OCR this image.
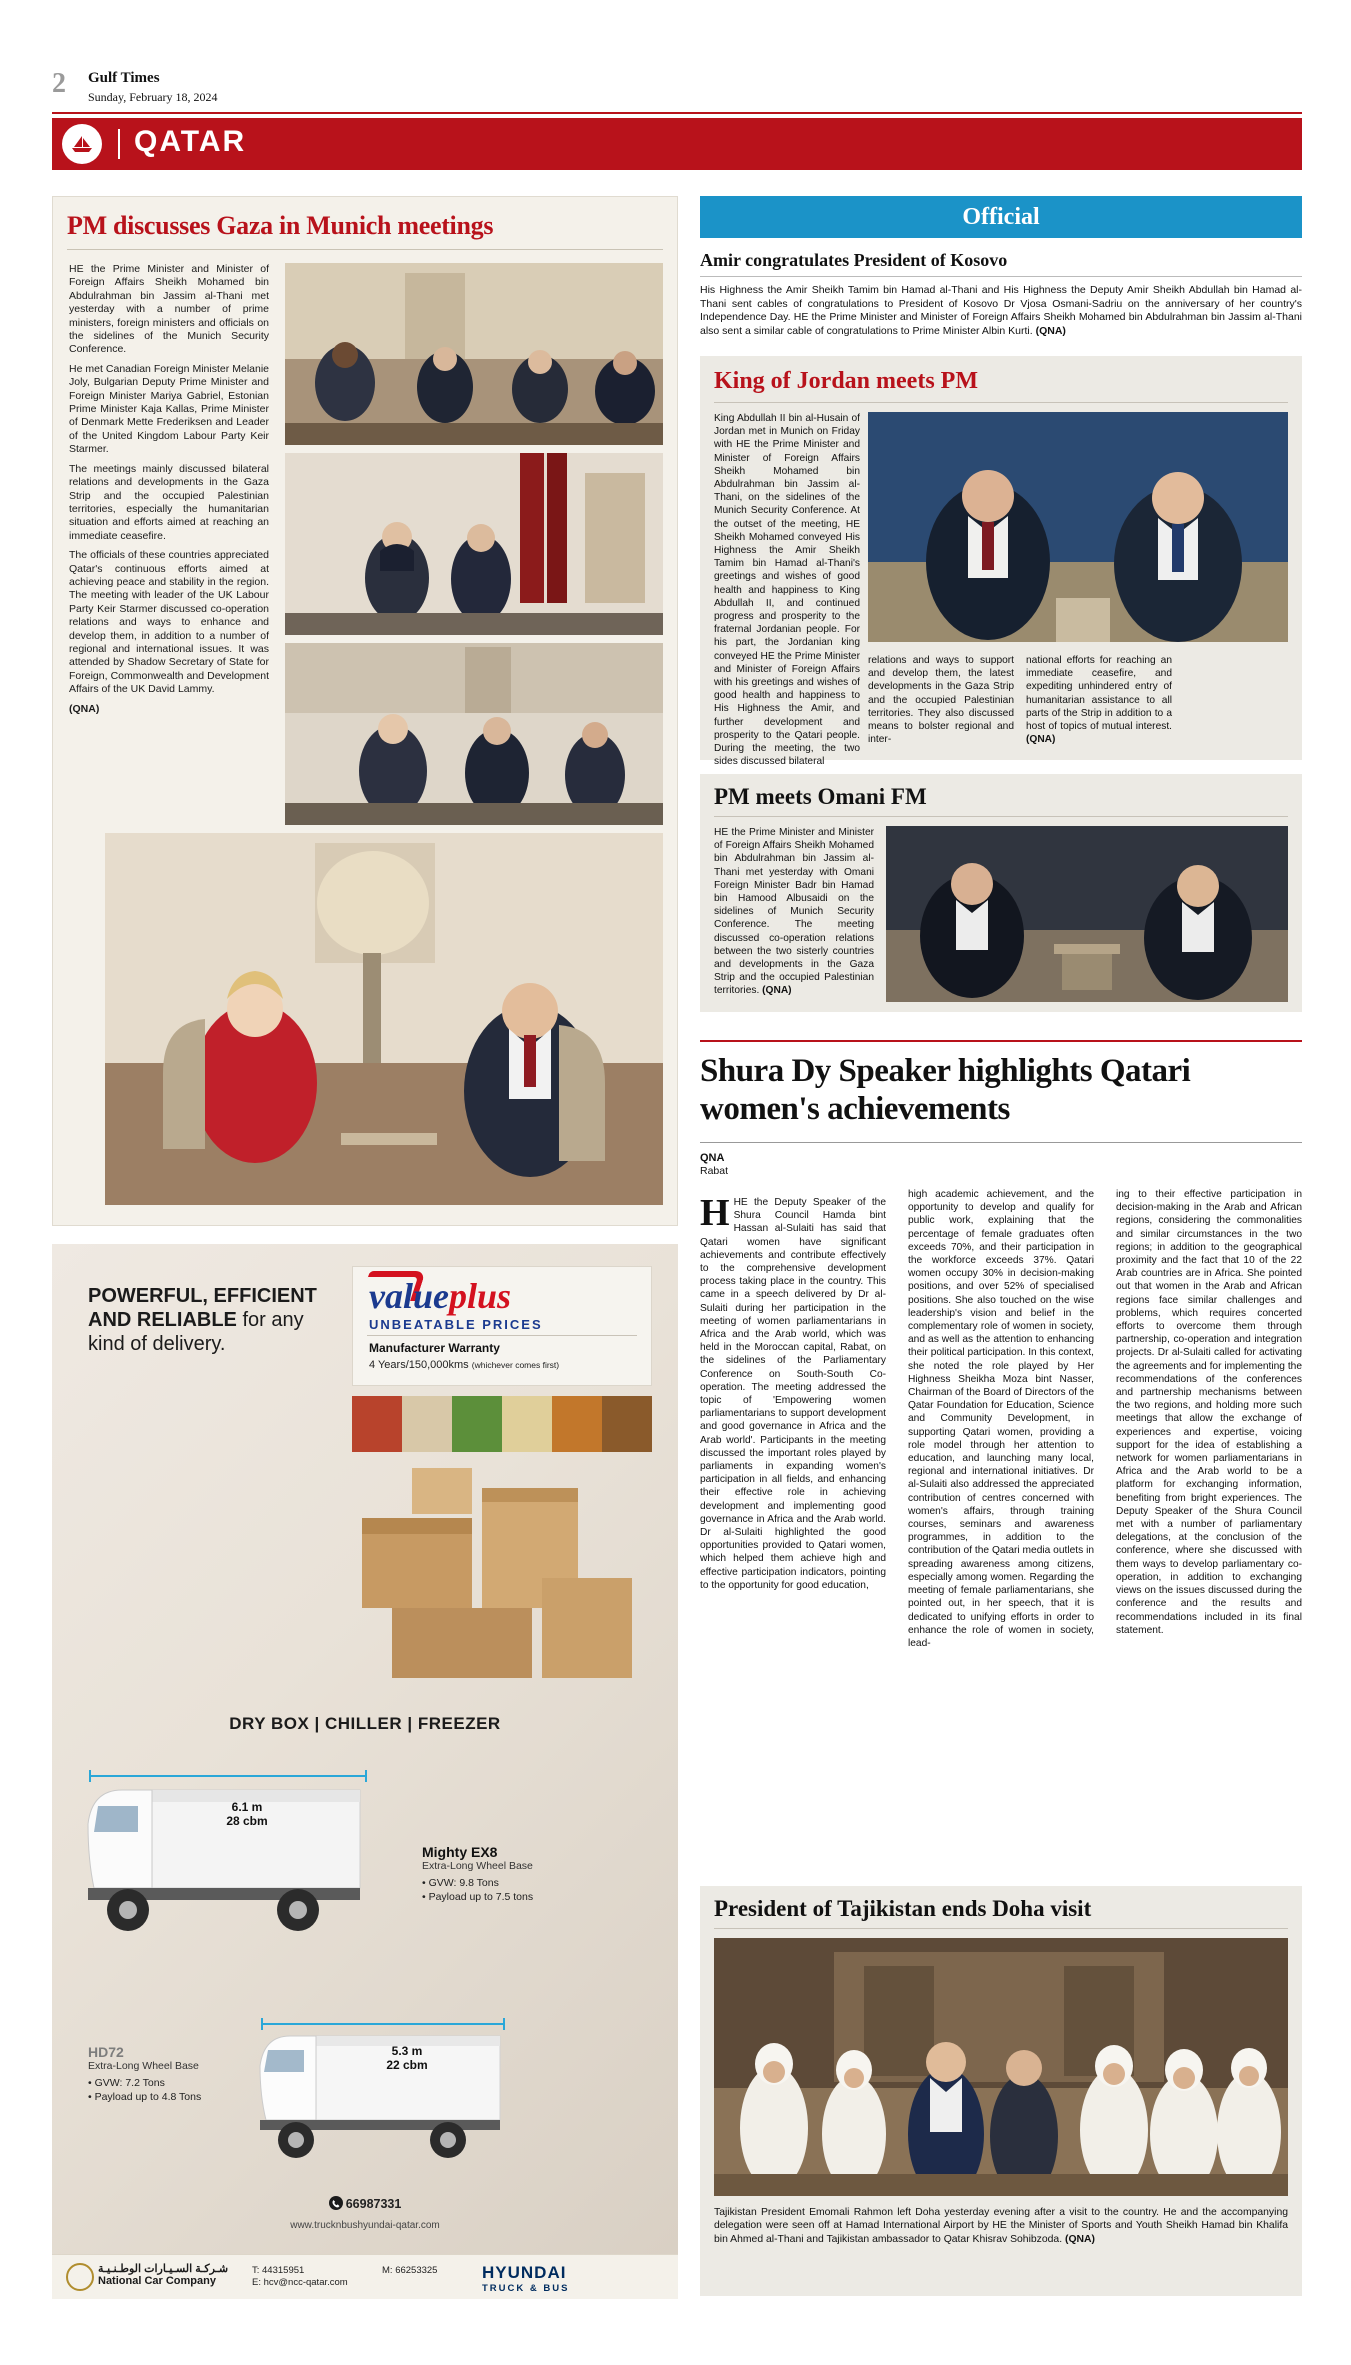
2 Gulf Times
Sunday, February 18, 2024
QATAR
PM discusses Gaza in Munich meetings

HE the Prime Minister and Minister of Foreign Affairs Sheikh Mohamed bin Abdulrahman bin Jassim al-Thani met yesterday with a number of prime ministers, foreign ministers and officials on the sidelines of the Munich Security Conference.

He met Canadian Foreign Minister Melanie Joly, Bulgarian Deputy Prime Minister and Foreign Minister Mariya Gabriel, Estonian Prime Minister Kaja Kallas, Prime Minister of Denmark Mette Frederiksen and Leader of the United Kingdom Labour Party Keir Starmer.

The meetings mainly discussed bilateral relations and developments in the Gaza Strip and the occupied Palestinian territories, especially the humanitarian situation and efforts aimed at reaching an immediate ceasefire.

The officials of these countries appreciated Qatar's continuous efforts aimed at achieving peace and stability in the region. The meeting with leader of the UK Labour Party Keir Starmer discussed co-operation relations and ways to enhance and develop them, in addition to a number of regional and international issues. It was attended by Shadow Secretary of State for Foreign, Commonwealth and Development Affairs of the UK David Lammy.

(QNA)

Official
Amir congratulates President of Kosovo
His Highness the Amir Sheikh Tamim bin Hamad al-Thani and His Highness the Deputy Amir Sheikh Abdullah bin Hamad al-Thani sent cables of congratulations to President of Kosovo Dr Vjosa Osmani-Sadriu on the anniversary of her country's Independence Day. HE the Prime Minister and Minister of Foreign Affairs Sheikh Mohamed bin Abdulrahman bin Jassim al-Thani also sent a similar cable of congratulations to Prime Minister Albin Kurti. (QNA)
King of Jordan meets PM
King Abdullah II bin al-Husain of Jordan met in Munich on Friday with HE the Prime Minister and Minister of Foreign Affairs Sheikh Mohamed bin Abdulrahman bin Jassim al-Thani, on the sidelines of the Munich Security Conference. At the outset of the meeting, HE Sheikh Mohamed conveyed His Highness the Amir Sheikh Tamim bin Hamad al-Thani's greetings and wishes of good health and happiness to King Abdullah II, and continued progress and prosperity to the fraternal Jordanian people. For his part, the Jordanian king conveyed HE the Prime Minister and Minister of Foreign Affairs with his greetings and wishes of good health and happiness to His Highness the Amir, and further development and prosperity to the Qatari people. During the meeting, the two sides discussed bilateral
relations and ways to support and develop them, the latest developments in the Gaza Strip and the occupied Palestinian territories. They also discussed means to bolster regional and inter-
national efforts for reaching an immediate ceasefire, and expediting unhindered entry of humanitarian assistance to all parts of the Strip in addition to a host of topics of mutual interest. (QNA)
PM meets Omani FM
HE the Prime Minister and Minister of Foreign Affairs Sheikh Mohamed bin Abdulrahman bin Jassim al-Thani met yesterday with Omani Foreign Minister Badr bin Hamad bin Hamood Albusaidi on the sidelines of Munich Security Conference. The meeting discussed co-operation relations between the two sisterly countries and developments in the Gaza Strip and the occupied Palestinian territories. (QNA)
Shura Dy Speaker highlights Qatari women's achievements
QNA
Rabat
H HE the Deputy Speaker of the Shura Council Hamda bint Hassan al-Sulaiti has said that Qatari women have significant achievements and contribute effectively to the comprehensive development process taking place in the country. This came in a speech delivered by Dr al-Sulaiti during her participation in the meeting of women parliamentarians in Africa and the Arab world, which was held in the Moroccan capital, Rabat, on the sidelines of the Parliamentary Conference on South-South Co-operation. The meeting addressed the topic of 'Empowering women parliamentarians to support development and good governance in Africa and the Arab world'. Participants in the meeting discussed the important roles played by parliaments in expanding women's participation in all fields, and enhancing their effective role in achieving development and implementing good governance in Africa and the Arab world. Dr al-Sulaiti highlighted the good opportunities provided to Qatari women, which helped them achieve high and effective participation indicators, pointing to the opportunity for good education,
high academic achievement, and the opportunity to develop and qualify for public work, explaining that the percentage of female graduates often exceeds 70%, and their participation in the workforce exceeds 37%. Qatari women occupy 30% in decision-making positions, and over 52% of specialised positions. She also touched on the wise leadership's vision and belief in the complementary role of women in society, and as well as the attention to enhancing their political participation. In this context, she noted the role played by Her Highness Sheikha Moza bint Nasser, Chairman of the Board of Directors of the Qatar Foundation for Education, Science and Community Development, in supporting Qatari women, providing a role model through her attention to education, and launching many local, regional and international initiatives. Dr al-Sulaiti also addressed the appreciated contribution of centres concerned with women's affairs, through training courses, seminars and awareness programmes, in addition to the contribution of the Qatari media outlets in spreading awareness among citizens, especially among women. Regarding the meeting of female parliamentarians, she pointed out, in her speech, that it is dedicated to unifying efforts in order to enhance the role of women in society, lead-
ing to their effective participation in decision-making in the Arab and African regions, considering the commonalities and similar circumstances in the two regions; in addition to the geographical proximity and the fact that 10 of the 22 Arab countries are in Africa. She pointed out that women in the Arab and African regions face similar challenges and problems, which requires concerted efforts to overcome them through partnership, co-operation and integration projects. Dr al-Sulaiti called for activating the agreements and for implementing the recommendations of the conferences and partnership mechanisms between the two regions, and holding more such meetings that allow the exchange of experiences and expertise, voicing support for the idea of establishing a network for women parliamentarians in Africa and the Arab world to be a platform for exchanging information, benefiting from bright experiences. The Deputy Speaker of the Shura Council met with a number of parliamentary delegations, at the conclusion of the conference, where she discussed with them ways to develop parliamentary co-operation, in addition to exchanging views on the issues discussed during the conference and the results and recommendations included in its final statement.
President of Tajikistan ends Doha visit
Tajikistan President Emomali Rahmon left Doha yesterday evening after a visit to the country. He and the accompanying delegation were seen off at Hamad International Airport by HE the Minister of Sports and Youth Sheikh Hamad bin Khalifa bin Ahmed al-Thani and Tajikistan ambassador to Qatar Khisrav Sohibzoda. (QNA)
POWERFUL, EFFICIENT AND RELIABLE for any kind of delivery.
valueplus
UNBEATABLE PRICES
Manufacturer Warranty
4 Years/150,000kms (whichever comes first)
DRY BOX | CHILLER | FREEZER
6.1 m
28 cbm
Mighty EX8
Extra-Long Wheel Base
• GVW: 9.8 Tons
• Payload up to 7.5 tons
5.3 m
22 cbm
HD72
Extra-Long Wheel Base
• GVW: 7.2 Tons
• Payload up to 4.8 Tons
66987331
www.trucknbushyundai-qatar.com
شـركـة السـيـارات الوطـنـيـة
National Car Company
T: 44315951
E: hcv@ncc-qatar.com
M: 66253325	HYUNDAI
TRUCK & BUS
